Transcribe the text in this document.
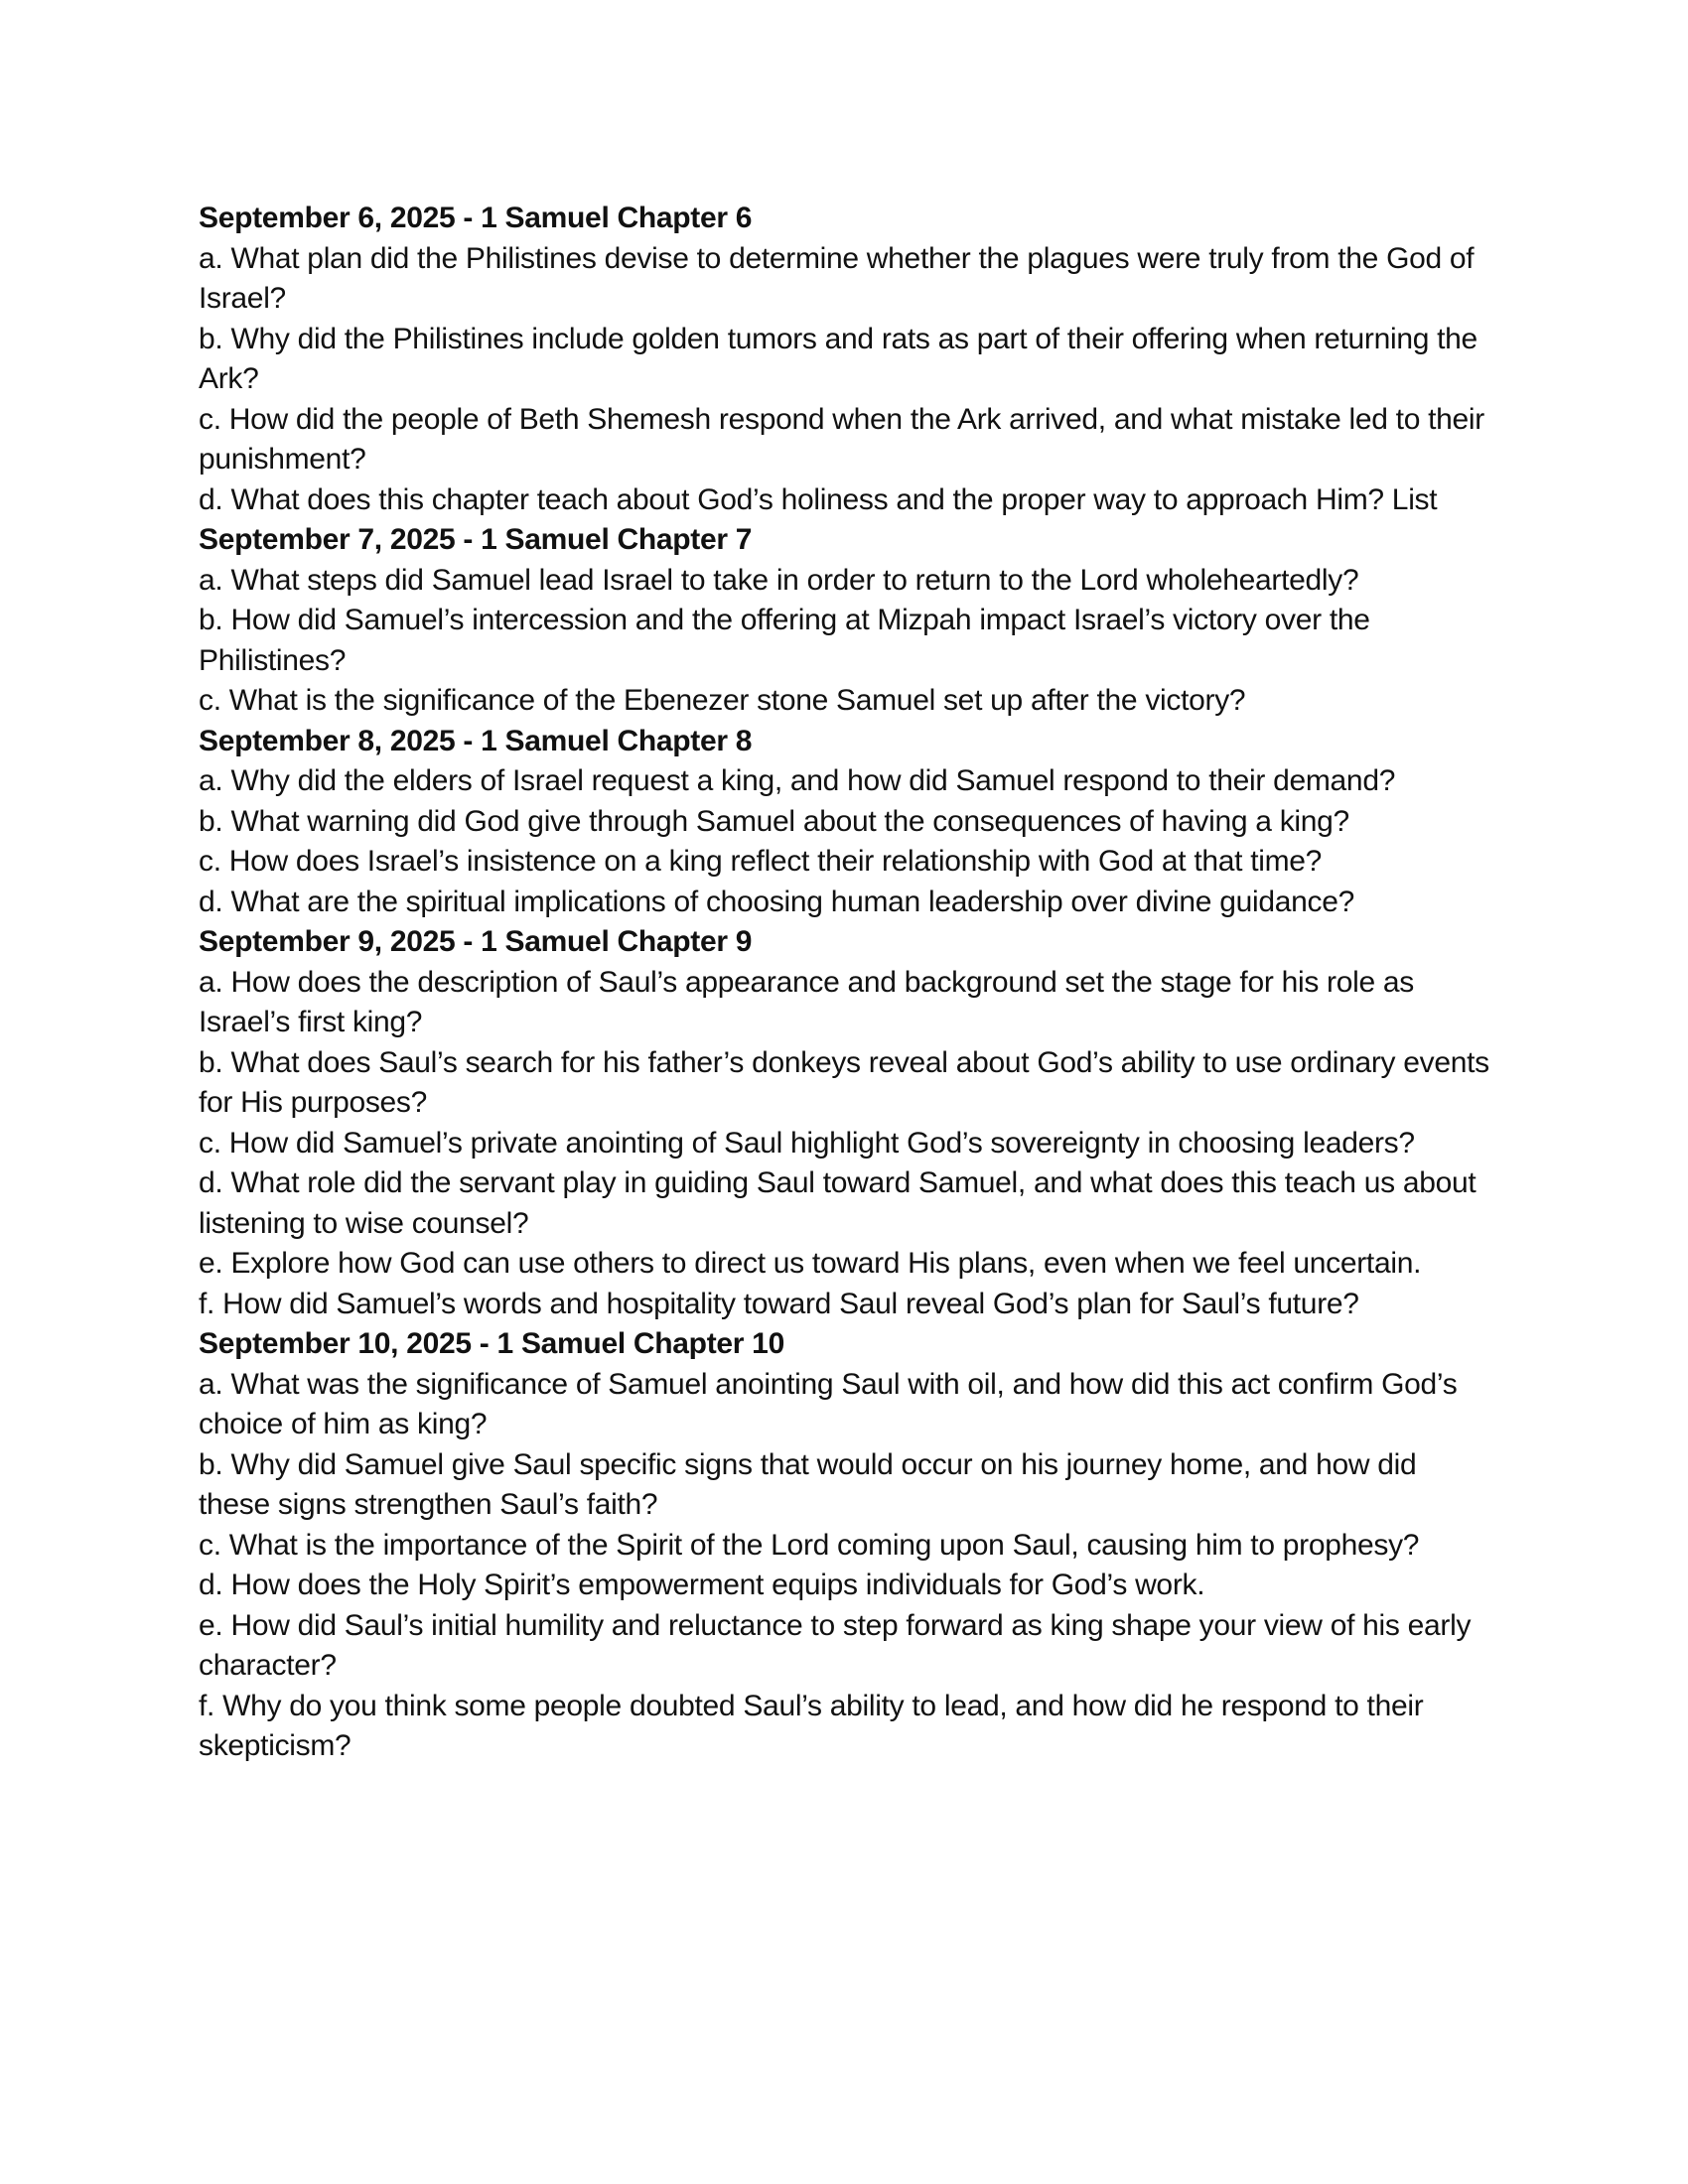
September 6, 2025 - 1 Samuel Chapter 6

a. What plan did the Philistines devise to determine whether the plagues were truly from the God of Israel?

b. Why did the Philistines include golden tumors and rats as part of their offering when returning the Ark?

c. How did the people of Beth Shemesh respond when the Ark arrived, and what mistake led to their punishment?

d. What does this chapter teach about God’s holiness and the proper way to approach Him? List

September 7, 2025 - 1 Samuel Chapter 7

a. What steps did Samuel lead Israel to take in order to return to the Lord wholeheartedly?

b. How did Samuel’s intercession and the offering at Mizpah impact Israel’s victory over the Philistines?

c. What is the significance of the Ebenezer stone Samuel set up after the victory?

September 8, 2025 - 1 Samuel Chapter 8

a. Why did the elders of Israel request a king, and how did Samuel respond to their demand?

b. What warning did God give through Samuel about the consequences of having a king?

c. How does Israel’s insistence on a king reflect their relationship with God at that time?

d. What are the spiritual implications of choosing human leadership over divine guidance?

September 9, 2025 - 1 Samuel Chapter 9

a. How does the description of Saul’s appearance and background set the stage for his role as Israel’s first king?

b. What does Saul’s search for his father’s donkeys reveal about God’s ability to use ordinary events for His purposes?

c. How did Samuel’s private anointing of Saul highlight God’s sovereignty in choosing leaders?

d. What role did the servant play in guiding Saul toward Samuel, and what does this teach us about listening to wise counsel?

e. Explore how God can use others to direct us toward His plans, even when we feel uncertain.

f. How did Samuel’s words and hospitality toward Saul reveal God’s plan for Saul’s future?

September 10, 2025 - 1 Samuel Chapter 10

a. What was the significance of Samuel anointing Saul with oil, and how did this act confirm God’s choice of him as king?

b. Why did Samuel give Saul specific signs that would occur on his journey home, and how did these signs strengthen Saul’s faith?

c. What is the importance of the Spirit of the Lord coming upon Saul, causing him to prophesy?

d. How does the Holy Spirit’s empowerment equips individuals for God’s work.

e. How did Saul’s initial humility and reluctance to step forward as king shape your view of his early character?

f. Why do you think some people doubted Saul’s ability to lead, and how did he respond to their skepticism?
